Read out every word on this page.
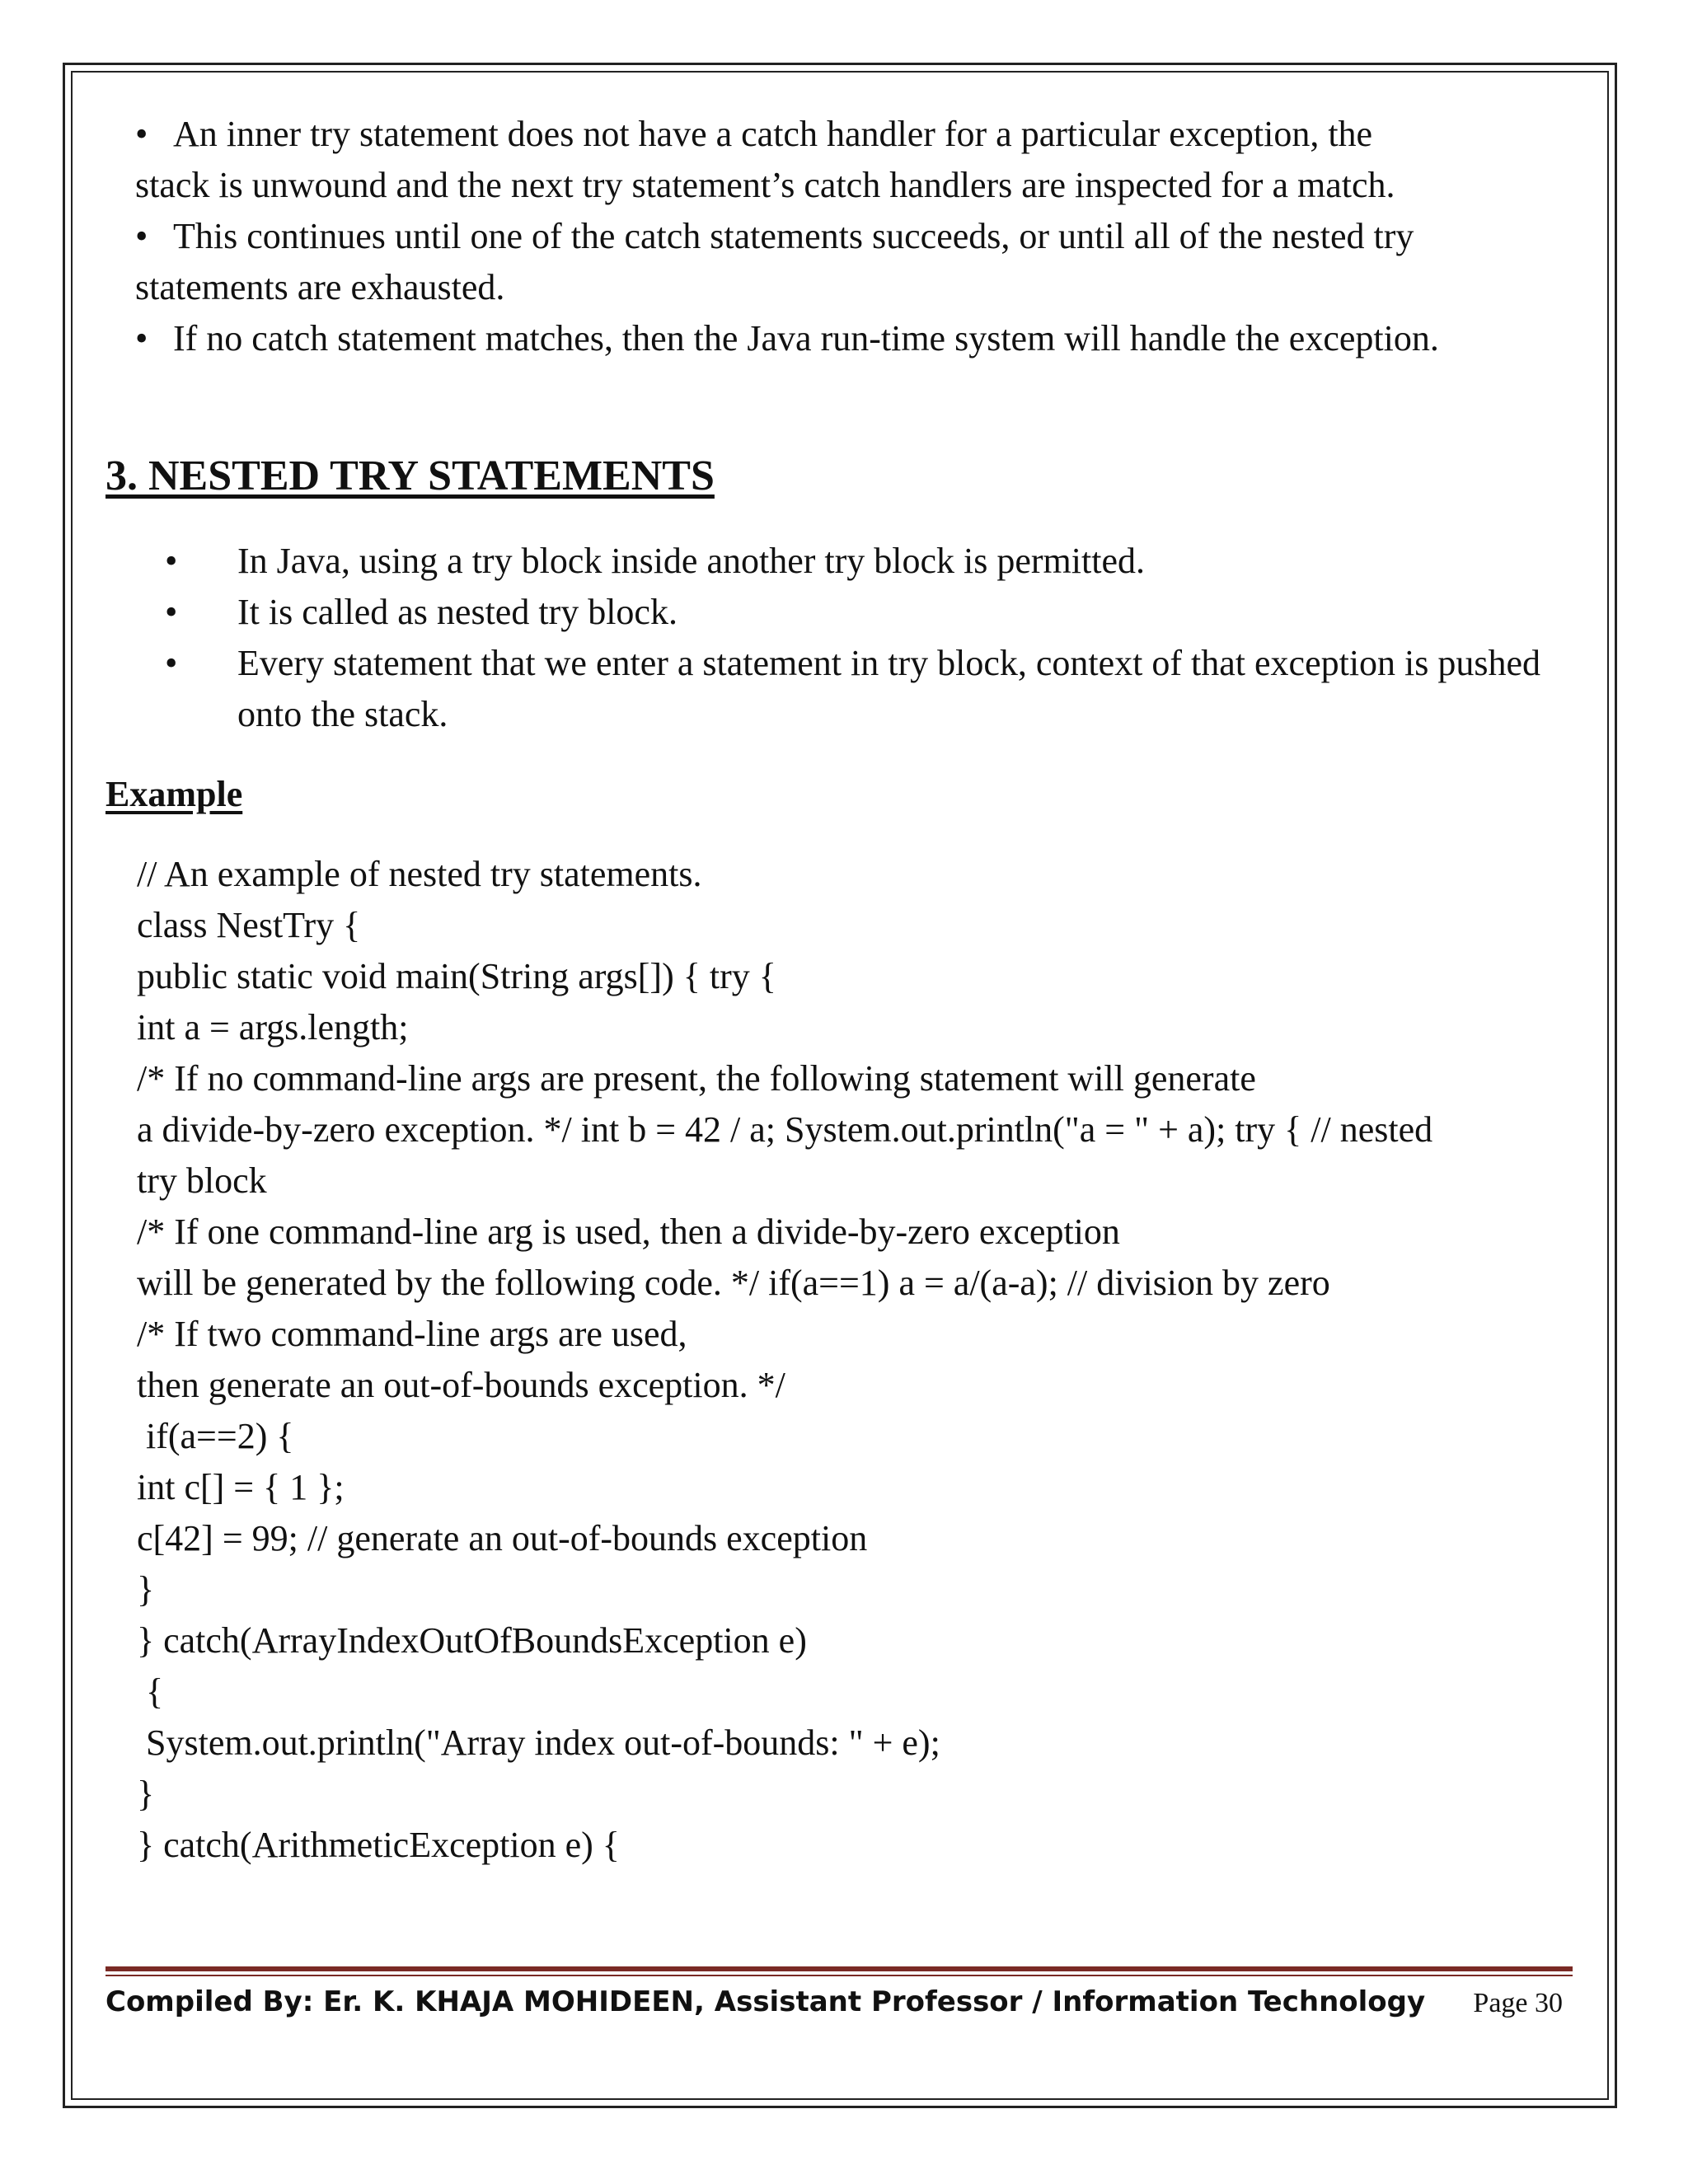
• An inner try statement does not have a catch handler for a particular exception, the

stack is unwound and the next try statement’s catch handlers are inspected for a match.

• This continues until one of the catch statements succeeds, or until all of the nested try

statements are exhausted.

• If no catch statement matches, then the Java run-time system will handle the exception.

3. NESTED TRY STATEMENTS
• In Java, using a try block inside another try block is permitted.
• It is called as nested try block.
• Every statement that we enter a statement in try block, context of that exception is pushed onto the stack.
Example
// An example of nested try statements.
class NestTry {
public static void main(String args[]) { try {
int a = args.length;
/* If no command-line args are present, the following statement will generate
a divide-by-zero exception. */ int b = 42 / a; System.out.println("a = " + a); try { // nested
try block
/* If one command-line arg is used, then a divide-by-zero exception
will be generated by the following code. */ if(a==1) a = a/(a-a); // division by zero
/* If two command-line args are used,
then generate an out-of-bounds exception. */
if(a==2) {
int c[] = { 1 };
c[42] = 99; // generate an out-of-bounds exception
}
} catch(ArrayIndexOutOfBoundsException e)
{
System.out.println("Array index out-of-bounds: " + e);
}
} catch(ArithmeticException e) {
Compiled By: Er. K. KHAJA MOHIDEEN, Assistant Professor / Information Technology Page 30
